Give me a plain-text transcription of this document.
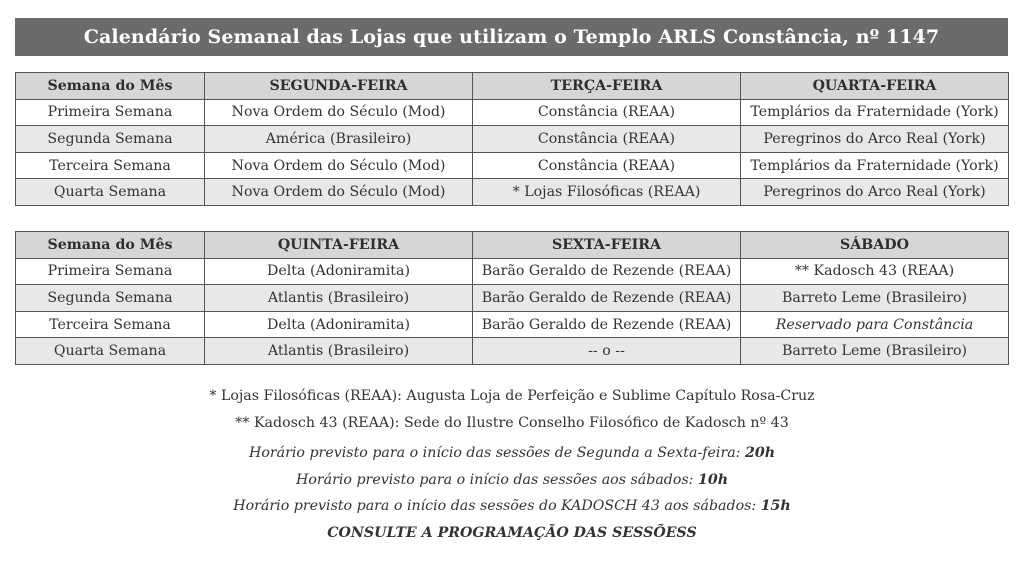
Calendário Semanal das Lojas que utilizam o Templo ARLS Constância, nº 1147
Semana do Mês	SEGUNDA-FEIRA	TERÇA-FEIRA	QUARTA-FEIRA
Primeira Semana	Nova Ordem do Século (Mod)	Constância (REAA)	Templários da Fraternidade (York)
Segunda Semana	América (Brasileiro)	Constância (REAA)	Peregrinos do Arco Real (York)
Terceira Semana	Nova Ordem do Século (Mod)	Constância (REAA)	Templários da Fraternidade (York)
Quarta Semana	Nova Ordem do Século (Mod)	* Lojas Filosóficas (REAA)	Peregrinos do Arco Real (York)
Semana do Mês	QUINTA-FEIRA	SEXTA-FEIRA	SÁBADO
Primeira Semana	Delta (Adoniramita)	Barão Geraldo de Rezende (REAA)	** Kadosch 43 (REAA)
Segunda Semana	Atlantis (Brasileiro)	Barão Geraldo de Rezende (REAA)	Barreto Leme (Brasileiro)
Terceira Semana	Delta (Adoniramita)	Barão Geraldo de Rezende (REAA)	Reservado para Constância
Quarta Semana	Atlantis (Brasileiro)	-- o --	Barreto Leme (Brasileiro)

* Lojas Filosóficas (REAA): Augusta Loja de Perfeição e Sublime Capítulo Rosa-Cruz

** Kadosch 43 (REAA): Sede do Ilustre Conselho Filosófico de Kadosch nº 43

Horário previsto para o início das sessões de Segunda a Sexta-feira: 20h

Horário previsto para o início das sessões aos sábados: 10h

Horário previsto para o início das sessões do KADOSCH 43 aos sábados: 15h

CONSULTE A PROGRAMAÇÃO DAS SESSÕESS
